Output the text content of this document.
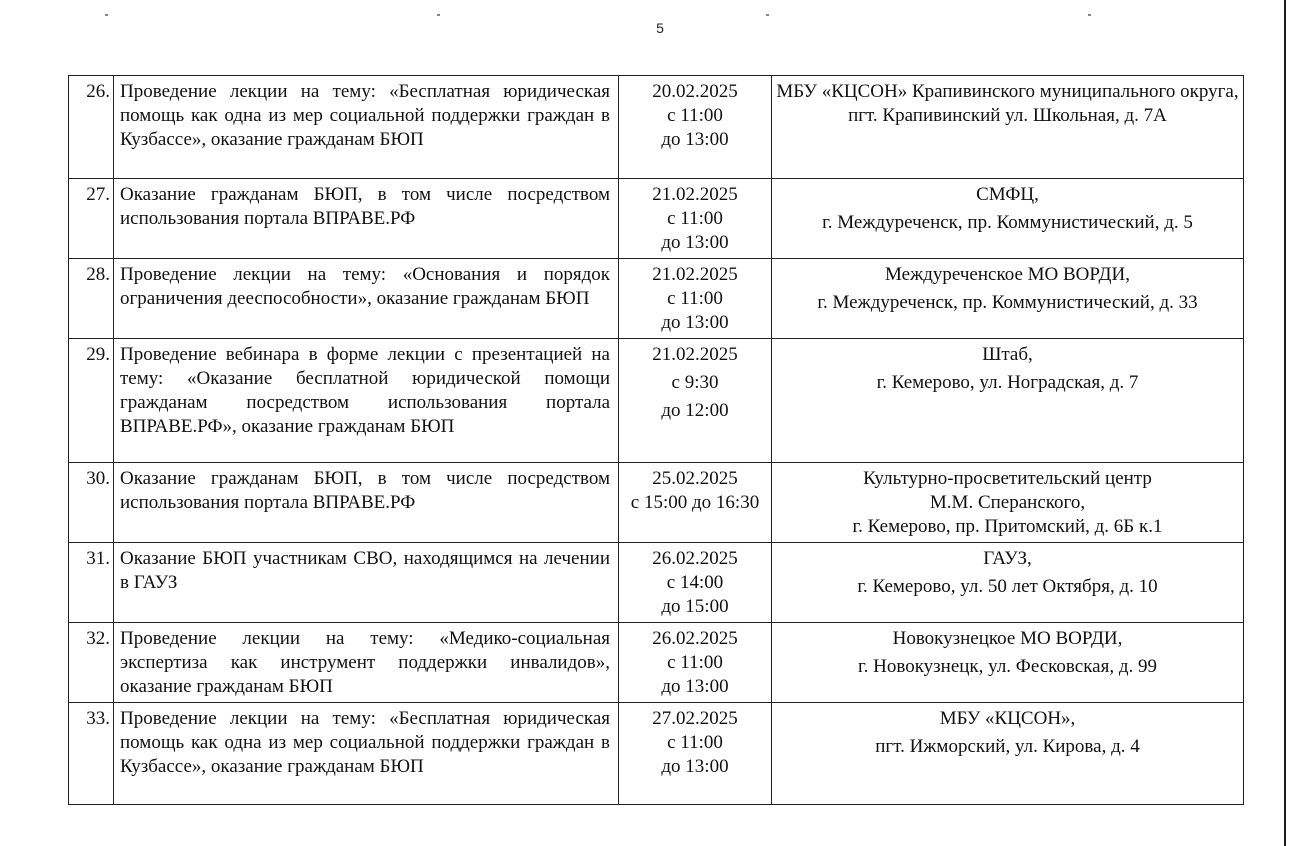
5
26.	Проведение лекции на тему: «Бесплатная юридическая помощь как одна из мер социальной поддержки граждан в Кузбассе», оказание гражданам БЮП	20.02.2025
с 11:00
до 13:00	МБУ «КЦСОН» Крапивинского муниципального округа,
пгт. Крапивинский ул. Школьная, д. 7А

27.	Оказание гражданам БЮП, в том числе посредством использования портала ВПРАВЕ.РФ	21.02.2025
с 11:00
до 13:00	СМФЦ,
г. Междуреченск, пр. Коммунистический, д. 5

28.	Проведение лекции на тему: «Основания и порядок ограничения дееспособности», оказание гражданам БЮП	21.02.2025
с 11:00
до 13:00	Междуреченское МО ВОРДИ,
г. Междуреченск, пр. Коммунистический, д. 33

29.	Проведение вебинара в форме лекции с презентацией на тему: «Оказание бесплатной юридической помощи гражданам посредством использования портала ВПРАВЕ.РФ», оказание гражданам БЮП	21.02.2025
с 9:30
до 12:00	Штаб,
г. Кемерово, ул. Ноградская, д. 7

30.	Оказание гражданам БЮП, в том числе посредством использования портала ВПРАВЕ.РФ	25.02.2025
с 15:00 до 16:30	Культурно-просветительский центр
М.М. Сперанского,
г. Кемерово, пр. Притомский, д. 6Б к.1

31.	Оказание БЮП участникам СВО, находящимся на лечении в ГАУЗ	26.02.2025
с 14:00
до 15:00	ГАУЗ,
г. Кемерово, ул. 50 лет Октября, д. 10

32.	Проведение лекции на тему: «Медико-социальная экспертиза как инструмент поддержки инвалидов», оказание гражданам БЮП	26.02.2025
с 11:00
до 13:00	Новокузнецкое МО ВОРДИ,
г. Новокузнецк, ул. Фесковская, д. 99

33.	Проведение лекции на тему: «Бесплатная юридическая помощь как одна из мер социальной поддержки граждан в Кузбассе», оказание гражданам БЮП	27.02.2025
с 11:00
до 13:00	МБУ «КЦСОН»,
пгт. Ижморский, ул. Кирова, д. 4
